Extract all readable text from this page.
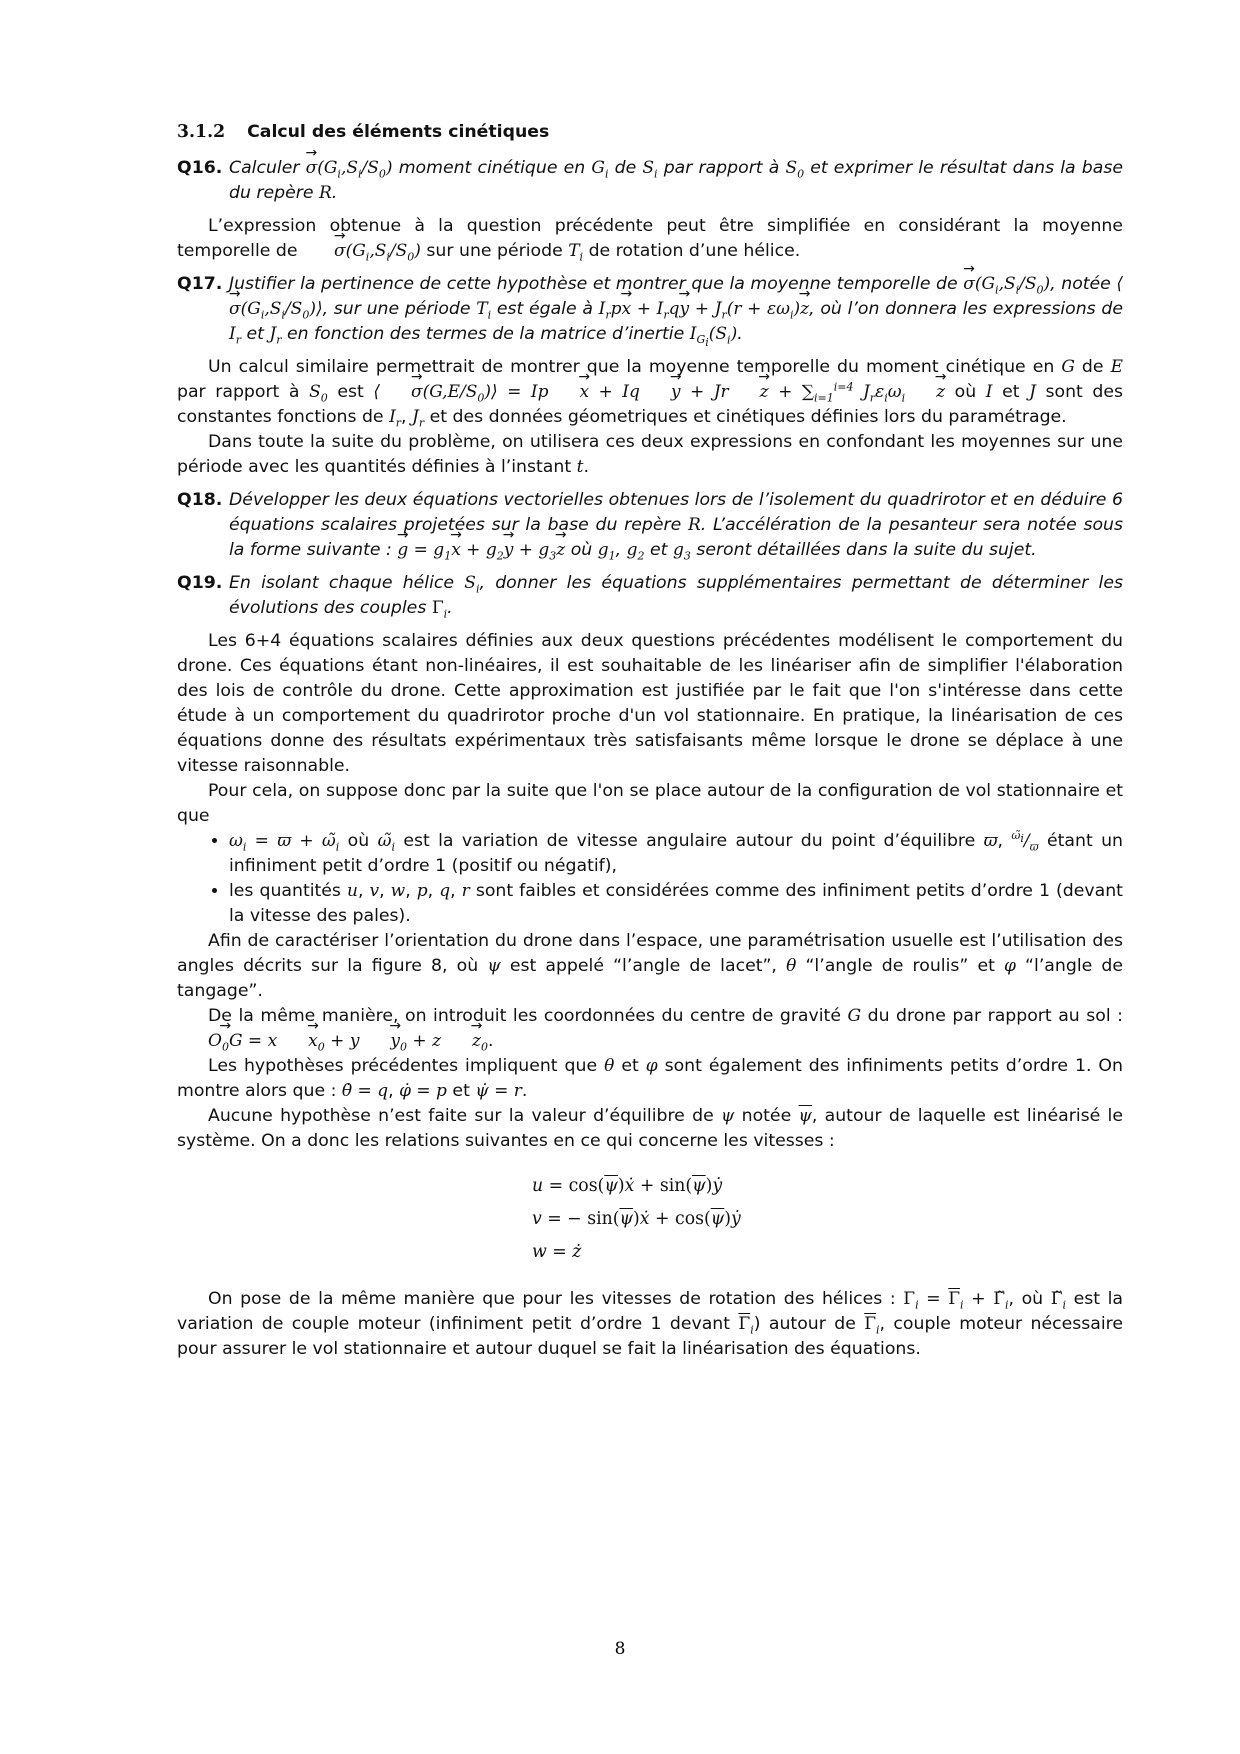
3.1.2 Calcul des éléments cinétiques
Q16. Calculer → $\sigma(G_i,S_i/S_0)$ moment cinétique en $G_i$ de $S_i$ par rapport à $S_0$ et exprimer le résultat dans la base du repère R.

L’expression obtenue à la question précédente peut être simplifiée en considérant la moyenne temporelle de → $\sigma(G_i,S_i/S_0)$ sur une période $T_i$ de rotation d’une hélice.

Q17. Justifier la pertinence de cette hypothèse et montrer que la moyenne temporelle de → $\sigma(G_i,S_i/S_0)$, notée ⟨→ $\sigma(G_i,S_i/S_0)⟩$, sur une période $T_i$ est égale à $I_rp\to x + I_rq\to y + J_r(r + \varepsilon\omega_i)\to z$, où l’on donnera les expressions de $I_r$ et $J_r$ en fonction des termes de la matrice d’inertie $I_{G_i}(S_i)$.

Un calcul similaire permettrait de montrer que la moyenne temporelle du moment cinétique en G de E par rapport à $S_0$ est ⟨ → $\sigma(G,E/S_0)⟩ = Ip \to x + Iq \to y + Jr \to z + \sum_{i=1}^{i=4}$ $J_r\varepsilon_i\omega_i \to z$ où I et J sont des constantes fonctions de $I_r$, $J_r$ et des données géometriques et cinétiques définies lors du paramétrage.

Dans toute la suite du problème, on utilisera ces deux expressions en confondant les moyennes sur une période avec les quantités définies à l’instant t.

Q18. Développer les deux équations vectorielles obtenues lors de l’isolement du quadrirotor et en déduire 6 équations scalaires projetées sur la base du repère R. L’accélération de la pesanteur sera notée sous la forme suivante : → $g = g_1\to x + g_2\to y + g_3\to z$ où $g_1$, $g_2$ et $g_3$ seront détaillées dans la suite du sujet.
Q19. En isolant chaque hélice $S_i$, donner les équations supplémentaires permettant de déterminer les évolutions des couples $\Gamma_i$.

Les 6+4 équations scalaires définies aux deux questions précédentes modélisent le comportement du drone. Ces équations étant non-linéaires, il est souhaitable de les linéariser afin de simplifier l'élaboration des lois de contrôle du drone. Cette approximation est justifiée par le fait que l'on s'intéresse dans cette étude à un comportement du quadrirotor proche d'un vol stationnaire. En pratique, la linéarisation de ces équations donne des résultats expérimentaux très satisfaisants même lorsque le drone se déplace à une vitesse raisonnable.

Pour cela, on suppose donc par la suite que l'on se place autour de la configuration de vol stationnaire et que

• $\omega_i = ϖ$ + $\omegã_i$ où $\omegã_i$ est la variation de vitesse angulaire autour du point d’équilibre ϖ, $^{\omegã_i}/_ϖ$ étant un infiniment petit d’ordre 1 (positif ou négatif),
• les quantités u, v, w, p, q, r sont faibles et considérées comme des infiniment petits d’ordre 1 (devant la vitesse des pales).

Afin de caractériser l’orientation du drone dans l’espace, une paramétrisation usuelle est l’utilisation des angles décrits sur la figure 8, où ψ est appelé “l’angle de lacet”, θ “l’angle de roulis” et φ “l’angle de tangage”.

De la même manière, on introduit les coordonnées du centre de gravité G du drone par rapport au sol : → $O_0G = x \to x_0 + y \to y_0 + z \to z_0$.

Les hypothèses précédentes impliquent que θ et φ sont également des infiniments petits d’ordre 1. On montre alors que : θ̇ = q, φ̇ = p et ψ̇ = r.

Aucune hypothèse n’est faite sur la valeur d’équilibre de ψ notée $\overline{\psi}$, autour de laquelle est linéarisé le système. On a donc les relations suivantes en ce qui concerne les vitesses :

$u = \cos(\overline{\psi})ẋ$ + $\sin(\overline{\psi})ẏ$
v = − $\sin(\overline{\psi})ẋ$ + $\cos(\overline{\psi})ẏ$
w = ż

On pose de la même manière que pour les vitesses de rotation des hélices : $\Gamma_i = \overline{\Gamma}_i$ + $\Gammã_i$, où $\Gammã_i$ est la variation de couple moteur (infiniment petit d’ordre 1 devant $\overline{\Gamma}_i$) autour de $\overline{\Gamma}_i$, couple moteur nécessaire pour assurer le vol stationnaire et autour duquel se fait la linéarisation des équations.

8
